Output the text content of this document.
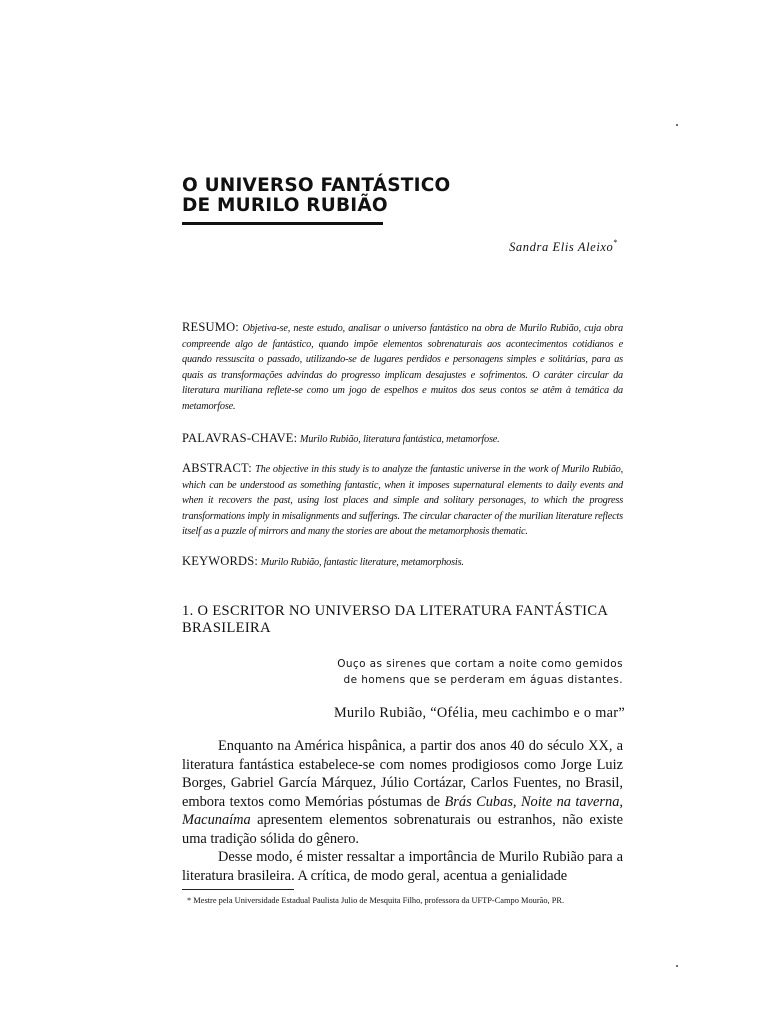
O UNIVERSO FANTÁSTICO
DE MURILO RUBIÃO
Sandra Elis Aleixo*
RESUMO: Objetiva-se, neste estudo, analisar o universo fantástico na obra de Murilo Rubião, cuja obra compreende algo de fantástico, quando impõe elementos sobrenaturais aos acontecimentos cotidianos e quando ressuscita o passado, utilizando-se de lugares perdidos e personagens simples e solitárias, para as quais as transformações advindas do progresso implicam desajustes e sofrimentos. O caráter circular da literatura muriliana reflete-se como um jogo de espelhos e muitos dos seus contos se atêm à temática da metamorfose.
PALAVRAS-CHAVE: Murilo Rubião, literatura fantástica, metamorfose.
ABSTRACT: The objective in this study is to analyze the fantastic universe in the work of Murilo Rubião, which can be understood as something fantastic, when it imposes supernatural elements to daily events and when it recovers the past, using lost places and simple and solitary personages, to which the progress transformations imply in misalignments and sufferings. The circular character of the murilian literature reflects itself as a puzzle of mirrors and many the stories are about the metamorphosis thematic.
KEYWORDS: Murilo Rubião, fantastic literature, metamorphosis.
1. O ESCRITOR NO UNIVERSO DA LITERATURA FANTÁSTICA
BRASILEIRA
Ouço as sirenes que cortam a noite como gemidos
de homens que se perderam em águas distantes.
Murilo Rubião, “Ofélia, meu cachimbo e o mar”

Enquanto na América hispânica, a partir dos anos 40 do século XX, a literatura fantástica estabelece-se com nomes prodigiosos como Jorge Luiz Borges, Gabriel García Márquez, Júlio Cortázar, Carlos Fuentes, no Brasil, embora textos como Memórias póstumas de Brás Cubas, Noite na taverna, Macunaíma apresentem elementos sobrenaturais ou estranhos, não existe uma tradição sólida do gênero.

Desse modo, é mister ressaltar a importância de Murilo Rubião para a literatura brasileira. A crítica, de modo geral, acentua a genialidade

* Mestre pela Universidade Estadual Paulista Julio de Mesquita Filho, professora da UFTP-Campo Mourão, PR.
